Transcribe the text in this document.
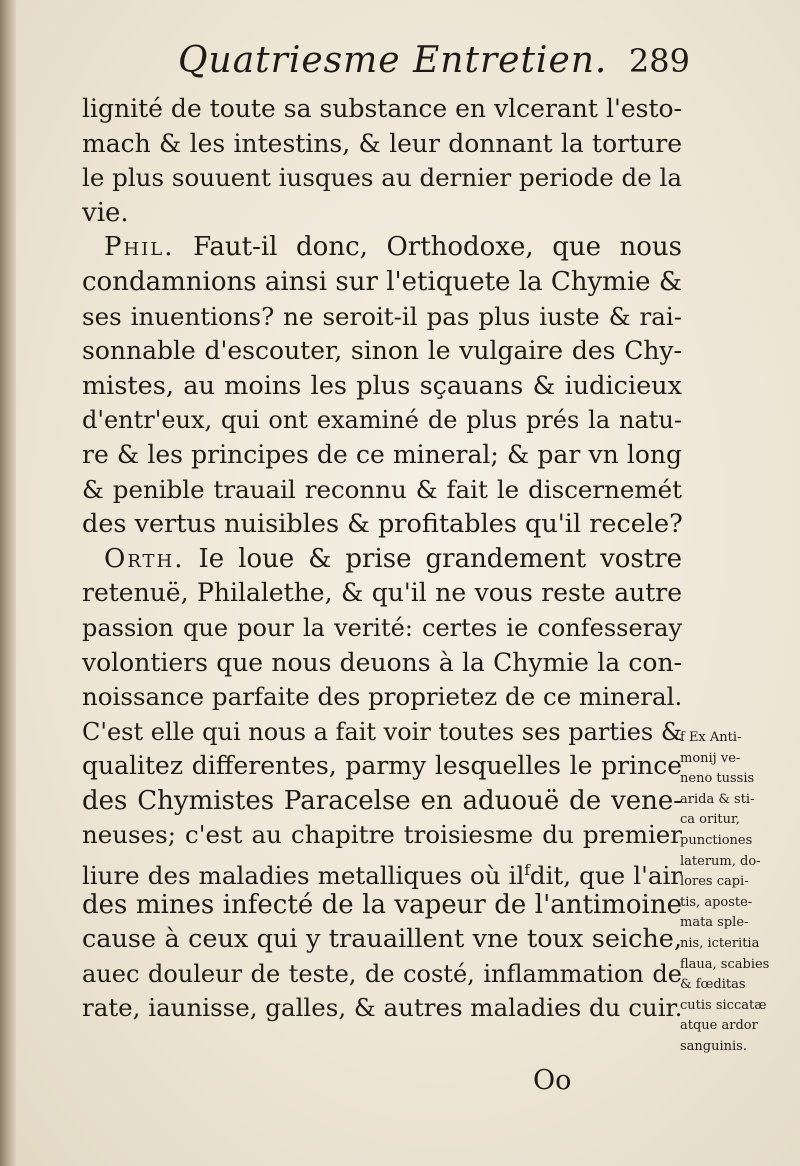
Quatriesme Entretien. 289
lignité de toute sa substance en vlcerant l'esto-
mach & les intestins, & leur donnant la torture
le plus souuent iusques au dernier periode de la
vie.
Phil. Faut-il donc, Orthodoxe, que nous
condamnions ainsi sur l'etiquete la Chymie &
ses inuentions? ne seroit-il pas plus iuste & rai-
sonnable d'escouter, sinon le vulgaire des Chy-
mistes, au moins les plus sçauans & iudicieux
d'entr'eux, qui ont examiné de plus prés la natu-
re & les principes de ce mineral; & par vn long
& penible trauail reconnu & fait le discernemét
des vertus nuisibles & profitables qu'il recele?
Orth. Ie loue & prise grandement vostre
retenuë, Philalethe, & qu'il ne vous reste autre
passion que pour la verité: certes ie confesseray
volontiers que nous deuons à la Chymie la con-
noissance parfaite des proprietez de ce mineral.
C'est elle qui nous a fait voir toutes ses parties &
qualitez differentes, parmy lesquelles le prince
des Chymistes Paracelse en aduouë de vene-
neuses; c'est au chapitre troisiesme du premier
liure des maladies metalliques où $il^fdit$, que l'air
des mines infecté de la vapeur de l'antimoine
cause à ceux qui y trauaillent vne toux seiche,
auec douleur de teste, de costé, inflammation de
rate, iaunisse, galles, & autres maladies du cuir.
f Ex Anti-
monij ve-
neno tussis
arida & sti-
ca oritur,
punctiones
laterum, do-
lores capi-
tis, aposte-
mata sple-
nis, icteritia
flaua, scabies
& fœditas
cutis siccatæ
atque ardor
sanguinis.
Oo
